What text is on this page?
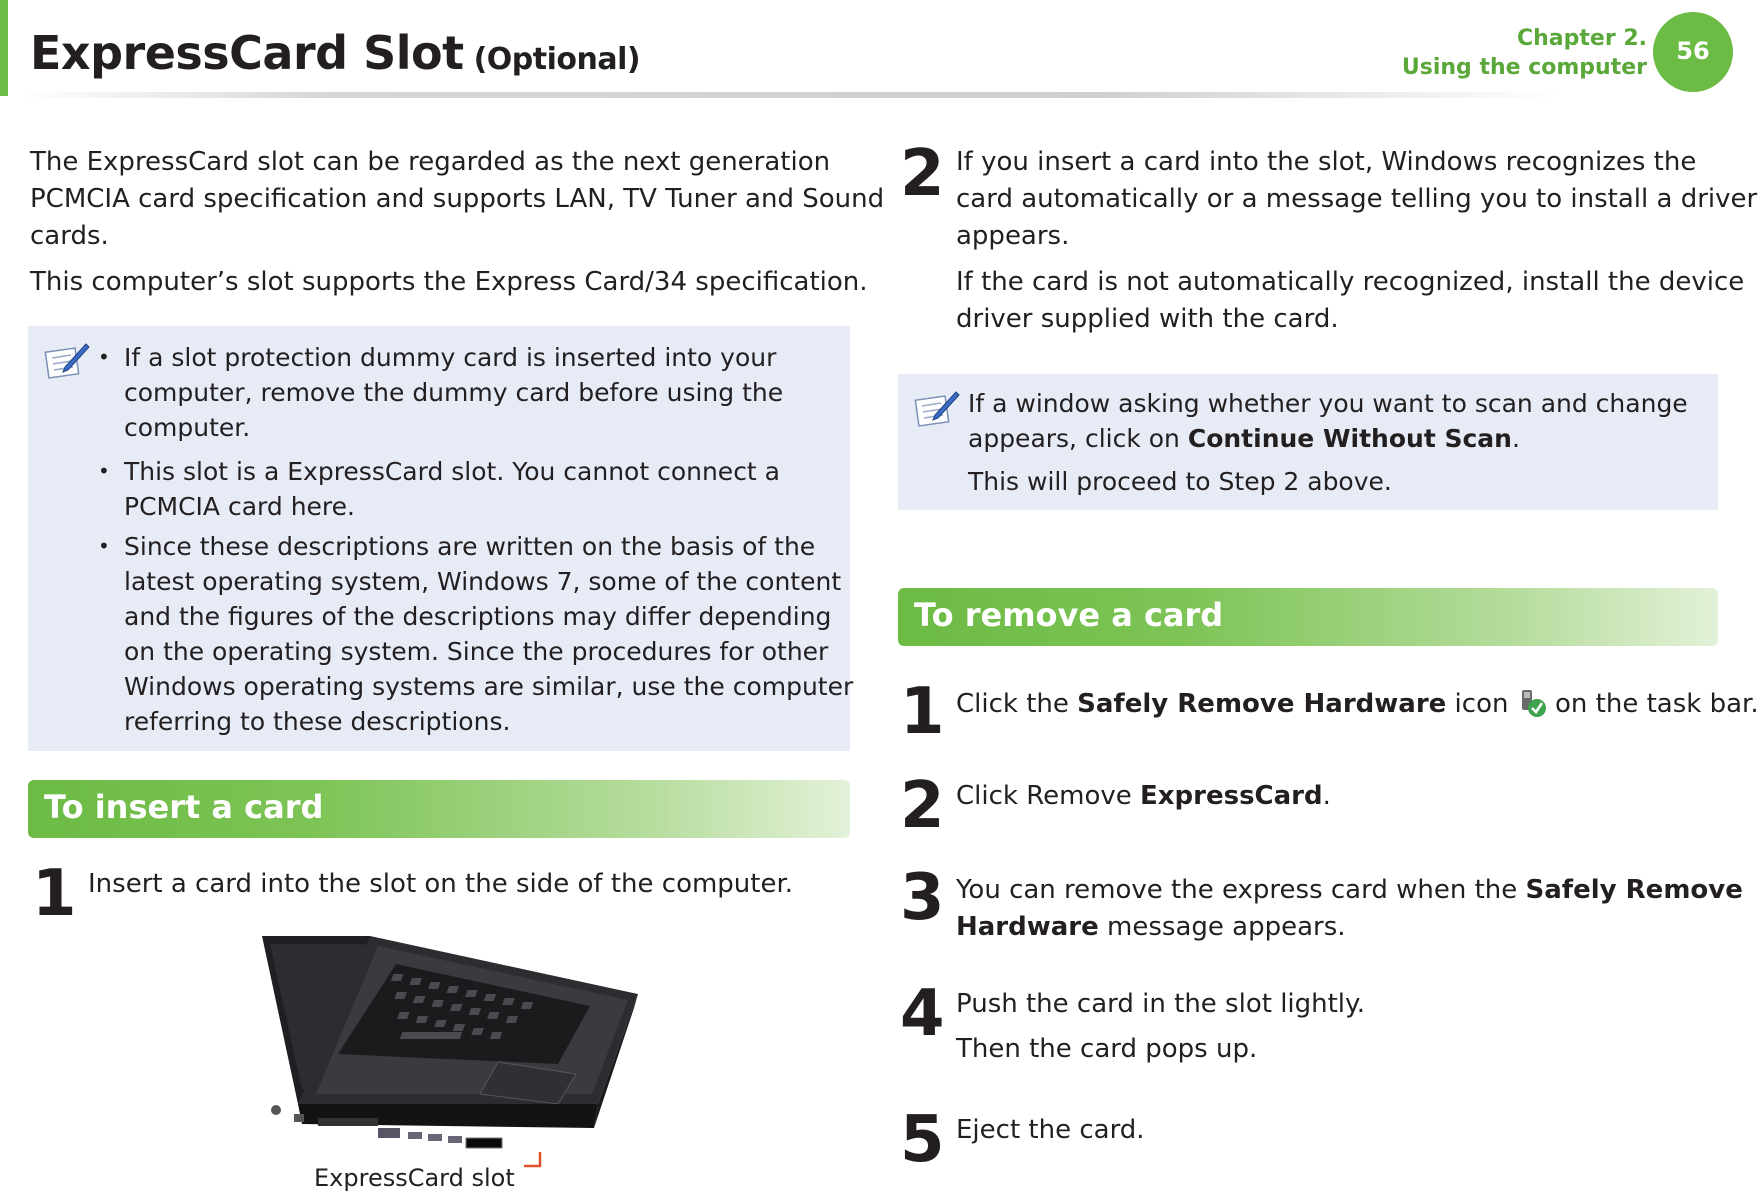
ExpressCard Slot (Optional)
Chapter 2.
Using the computer
56
The ExpressCard slot can be regarded as the next generation
PCMCIA card specification and supports LAN, TV Tuner and Sound
cards.
This computer’s slot supports the Express Card/34 specification.
• If a slot protection dummy card is inserted into your
computer, remove the dummy card before using the
computer.
• This slot is a ExpressCard slot. You cannot connect a
PCMCIA card here.
• Since these descriptions are written on the basis of the
latest operating system, Windows 7, some of the content
and the figures of the descriptions may differ depending
on the operating system. Since the procedures for other
Windows operating systems are similar, use the computer
referring to these descriptions.
To insert a card
1 Insert a card into the slot on the side of the computer.
ExpressCard slot
2 If you insert a card into the slot, Windows recognizes the
card automatically or a message telling you to install a driver
appears.
If the card is not automatically recognized, install the device
driver supplied with the card.
If a window asking whether you want to scan and change
appears, click on Continue Without Scan.
This will proceed to Step 2 above.
To remove a card
1 Click the Safely Remove Hardware icon  on the task bar.
2 Click Remove ExpressCard.
3 You can remove the express card when the Safely Remove
Hardware message appears.
4 Push the card in the slot lightly.
Then the card pops up.
5 Eject the card.
